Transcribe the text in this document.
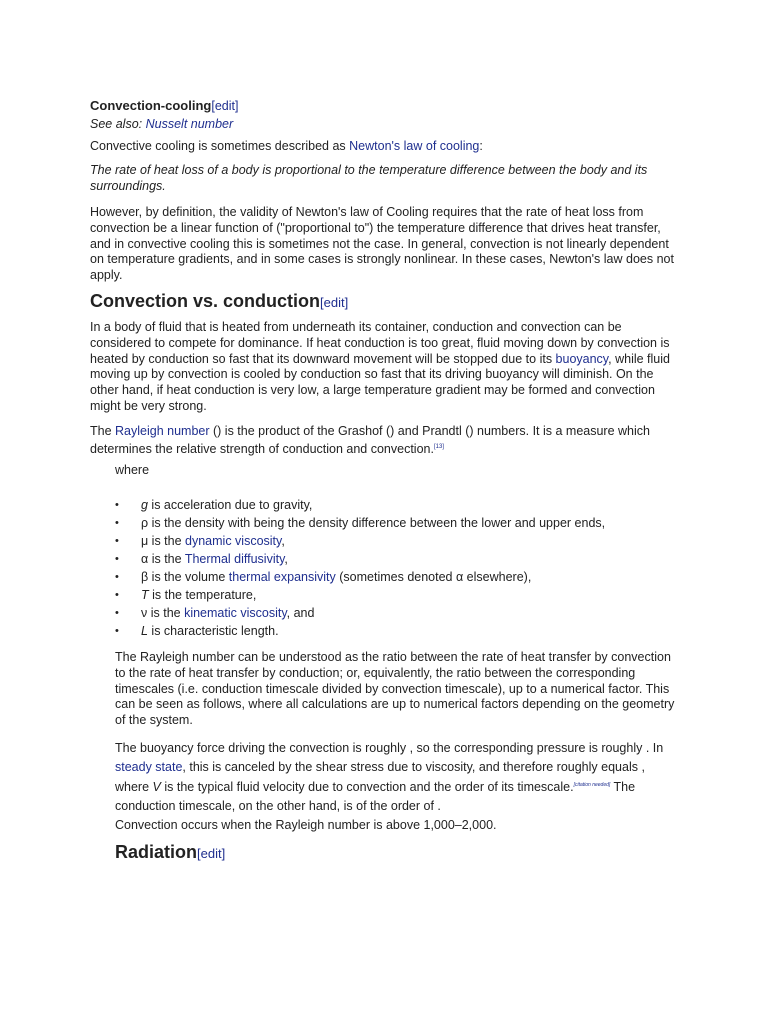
Convection-cooling[edit]
See also: Nusselt number

Convective cooling is sometimes described as Newton's law of cooling:

The rate of heat loss of a body is proportional to the temperature difference between the body and its surroundings.

However, by definition, the validity of Newton's law of Cooling requires that the rate of heat loss from convection be a linear function of ("proportional to") the temperature difference that drives heat transfer, and in convective cooling this is sometimes not the case. In general, convection is not linearly dependent on temperature gradients, and in some cases is strongly nonlinear. In these cases, Newton's law does not apply.

Convection vs. conduction[edit]

In a body of fluid that is heated from underneath its container, conduction and convection can be considered to compete for dominance. If heat conduction is too great, fluid moving down by convection is heated by conduction so fast that its downward movement will be stopped due to its buoyancy, while fluid moving up by convection is cooled by conduction so fast that its driving buoyancy will diminish. On the other hand, if heat conduction is very low, a large temperature gradient may be formed and convection might be very strong.

The Rayleigh number () is the product of the Grashof () and Prandtl () numbers. It is a measure which determines the relative strength of conduction and convection.[13]

where
• g is acceleration due to gravity,
• ρ is the density with being the density difference between the lower and upper ends,
• μ is the dynamic viscosity,
• α is the Thermal diffusivity,
• β is the volume thermal expansivity (sometimes denoted α elsewhere),
• T is the temperature,
• ν is the kinematic viscosity, and
• L is characteristic length.

The Rayleigh number can be understood as the ratio between the rate of heat transfer by convection to the rate of heat transfer by conduction; or, equivalently, the ratio between the corresponding timescales (i.e. conduction timescale divided by convection timescale), up to a numerical factor. This can be seen as follows, where all calculations are up to numerical factors depending on the geometry of the system.

The buoyancy force driving the convection is roughly , so the corresponding pressure is roughly . In steady state, this is canceled by the shear stress due to viscosity, and therefore roughly equals , where V is the typical fluid velocity due to convection and the order of its timescale.[citation needed] The conduction timescale, on the other hand, is of the order of .

Convection occurs when the Rayleigh number is above 1,000–2,000.

Radiation[edit]
